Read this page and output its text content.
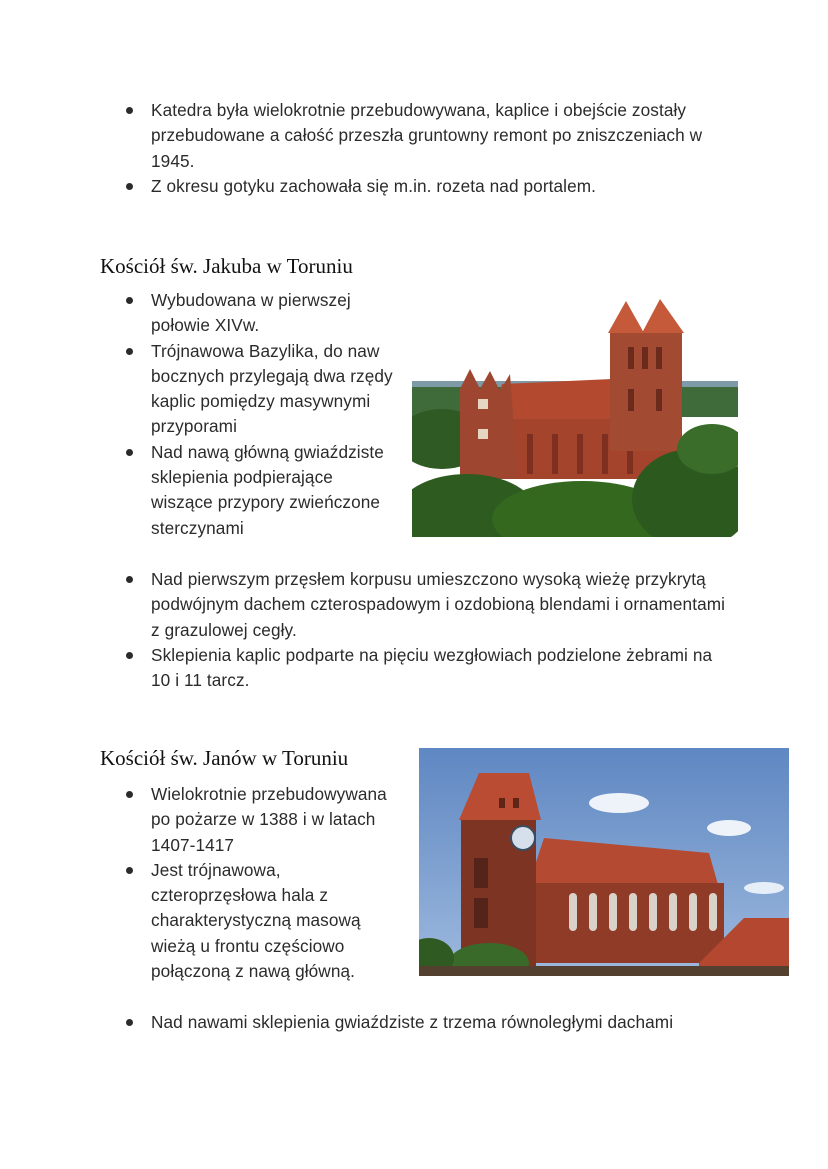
Katedra była wielokrotnie przebudowywana, kaplice i obejście zostały przebudowane a całość przeszła gruntowny remont po zniszczeniach w 1945.
Z okresu gotyku zachowała się m.in. rozeta nad portalem.
Kościół św. Jakuba w Toruniu
Wybudowana w pierwszej połowie XIVw.
Trójnawowa Bazylika, do naw bocznych przylegają dwa rzędy kaplic pomiędzy masywnymi przyporami
Nad nawą główną gwiaździste sklepienia podpierające wiszące przypory zwieńczone sterczynami
Nad pierwszym przęsłem korpusu umieszczono wysoką wieżę przykrytą podwójnym dachem czterospadowym i ozdobioną blendami i ornamentami z grazulowej cegły.
Sklepienia kaplic podparte na pięciu wezgłowiach podzielone żebrami na 10 i 11 tarcz.
Kościół św. Janów w Toruniu
Wielokrotnie przebudowywana po pożarze w 1388 i w latach 1407-1417
Jest trójnawowa, czteroprzęsłowa hala z charakterystyczną masową wieżą u frontu częściowo połączoną z nawą główną.
Nad nawami sklepienia gwiaździste z trzema równoległymi dachami
